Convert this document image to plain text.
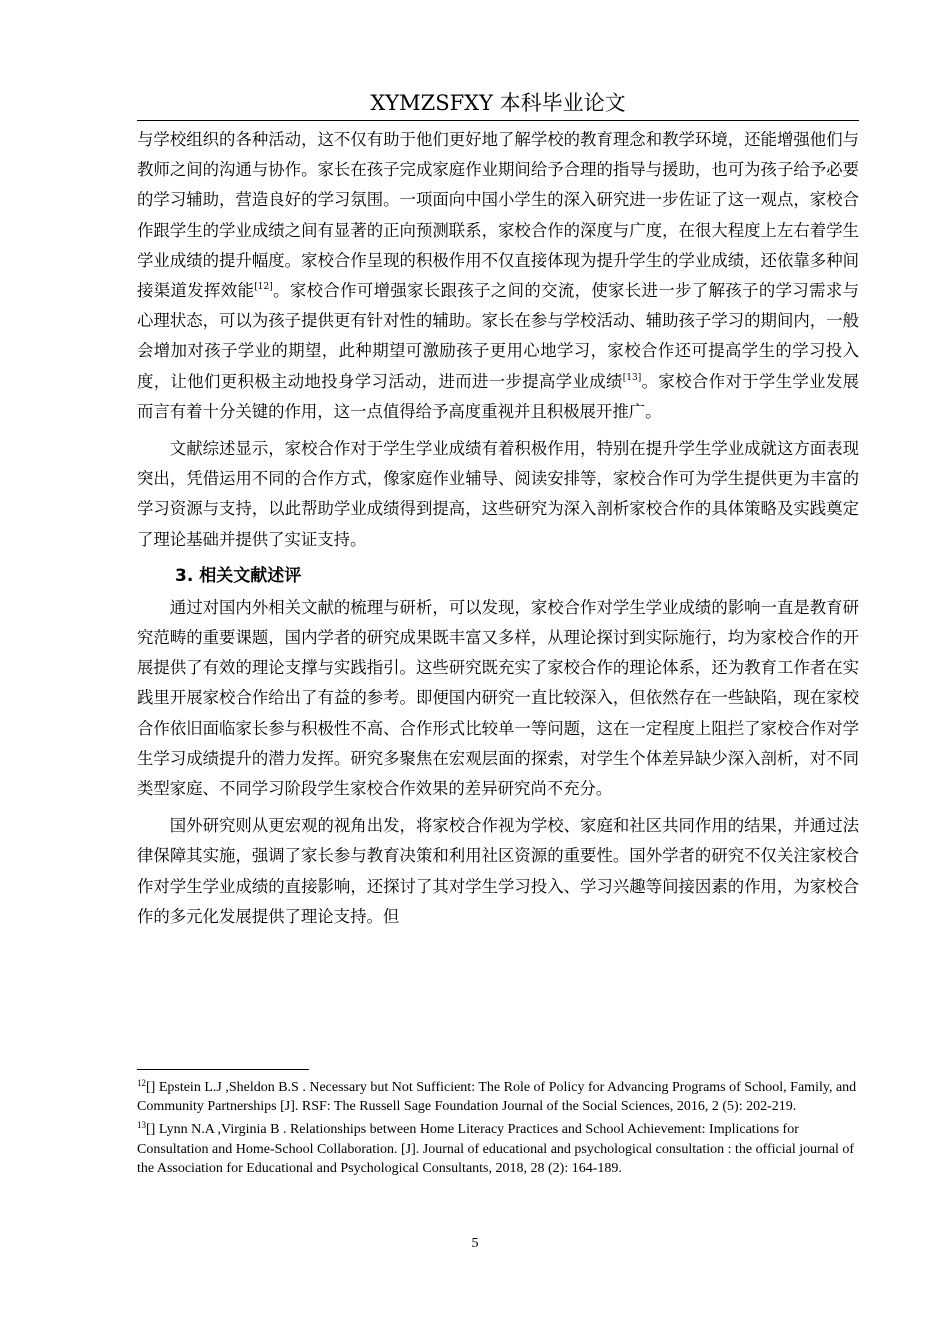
XYMZSFXY 本科毕业论文

与学校组织的各种活动，这不仅有助于他们更好地了解学校的教育理念和教学环境，还能增强他们与教师之间的沟通与协作。家长在孩子完成家庭作业期间给予合理的指导与援助，也可为孩子给予必要的学习辅助，营造良好的学习氛围。一项面向中国小学生的深入研究进一步佐证了这一观点，家校合作跟学生的学业成绩之间有显著的正向预测联系，家校合作的深度与广度，在很大程度上左右着学生学业成绩的提升幅度。家校合作呈现的积极作用不仅直接体现为提升学生的学业成绩，还依靠多种间接渠道发挥效能[12]。家校合作可增强家长跟孩子之间的交流，使家长进一步了解孩子的学习需求与心理状态，可以为孩子提供更有针对性的辅助。家长在参与学校活动、辅助孩子学习的期间内，一般会增加对孩子学业的期望，此种期望可激励孩子更用心地学习，家校合作还可提高学生的学习投入度，让他们更积极主动地投身学习活动，进而进一步提高学业成绩[13]。家校合作对于学生学业发展而言有着十分关键的作用，这一点值得给予高度重视并且积极展开推广。

文献综述显示，家校合作对于学生学业成绩有着积极作用，特别在提升学生学业成就这方面表现突出，凭借运用不同的合作方式，像家庭作业辅导、阅读安排等，家校合作可为学生提供更为丰富的学习资源与支持，以此帮助学业成绩得到提高，这些研究为深入剖析家校合作的具体策略及实践奠定了理论基础并提供了实证支持。

3. 相关文献述评

通过对国内外相关文献的梳理与研析，可以发现，家校合作对学生学业成绩的影响一直是教育研究范畴的重要课题，国内学者的研究成果既丰富又多样，从理论探讨到实际施行，均为家校合作的开展提供了有效的理论支撑与实践指引。这些研究既充实了家校合作的理论体系，还为教育工作者在实践里开展家校合作给出了有益的参考。即便国内研究一直比较深入，但依然存在一些缺陷，现在家校合作依旧面临家长参与积极性不高、合作形式比较单一等问题，这在一定程度上阻拦了家校合作对学生学习成绩提升的潜力发挥。研究多聚焦在宏观层面的探索，对学生个体差异缺少深入剖析，对不同类型家庭、不同学习阶段学生家校合作效果的差异研究尚不充分。

国外研究则从更宏观的视角出发，将家校合作视为学校、家庭和社区共同作用的结果，并通过法律保障其实施，强调了家长参与教育决策和利用社区资源的重要性。国外学者的研究不仅关注家校合作对学生学业成绩的直接影响，还探讨了其对学生学习投入、学习兴趣等间接因素的作用，为家校合作的多元化发展提供了理论支持。但

$^{12}$[] Epstein L.J ,Sheldon B.S . Necessary but Not Sufficient: The Role of Policy for Advancing Programs of School, Family, and Community Partnerships [J]. RSF: The Russell Sage Foundation Journal of the Social Sciences, 2016, 2 (5): 202-219.

$^{13}$[] Lynn N.A ,Virginia B . Relationships between Home Literacy Practices and School Achievement: Implications for Consultation and Home-School Collaboration. [J]. Journal of educational and psychological consultation : the official journal of the Association for Educational and Psychological Consultants, 2018, 28 (2): 164-189.

5
